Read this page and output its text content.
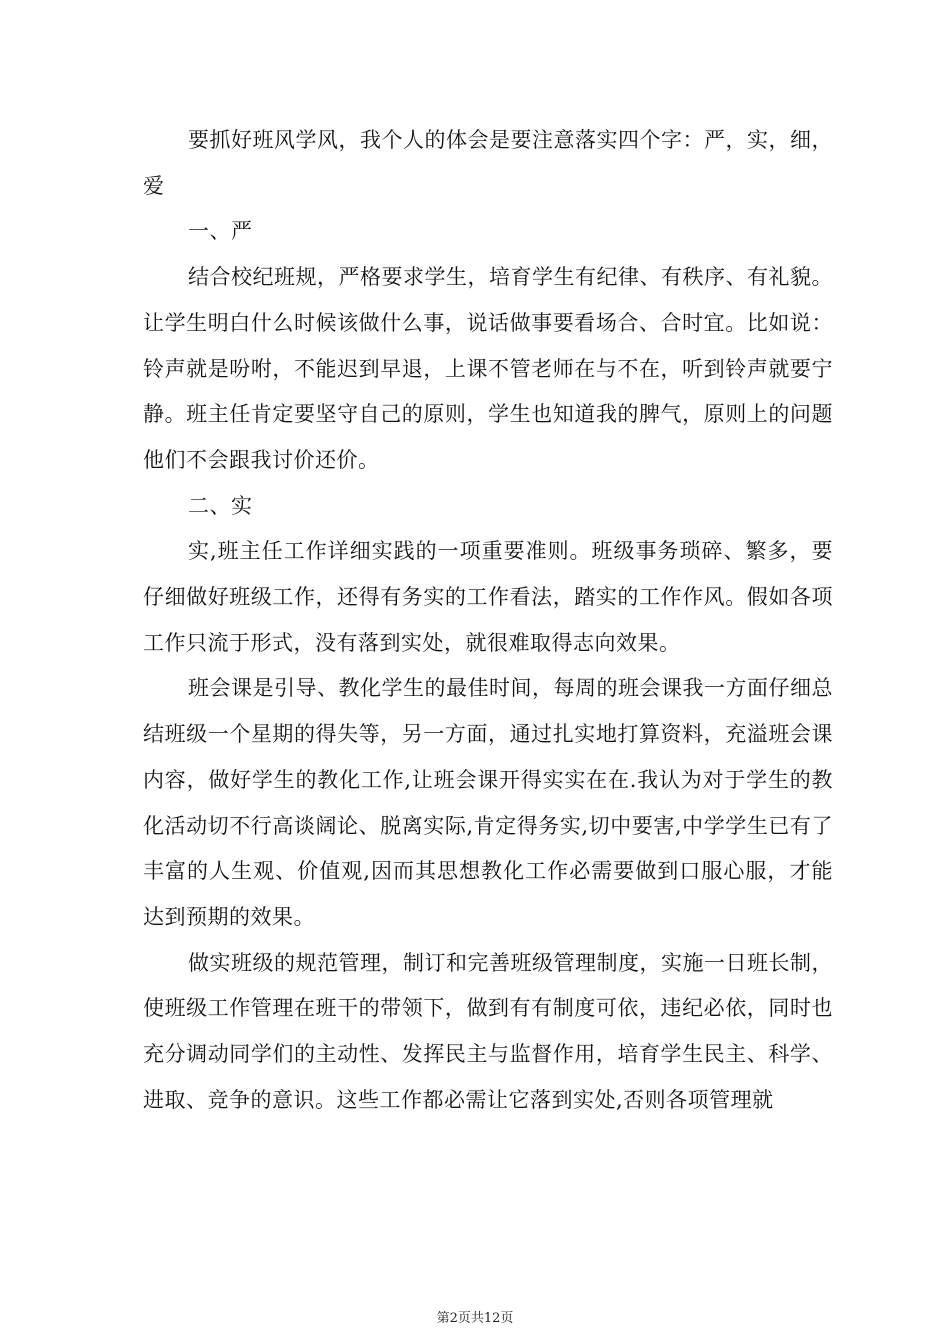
要抓好班风学风，我个人的体会是要注意落实四个字：严，实，细，爱

一、严

结合校纪班规，严格要求学生，培育学生有纪律、有秩序、有礼貌。让学生明白什么时候该做什么事，说话做事要看场合、合时宜。比如说：铃声就是吩咐，不能迟到早退，上课不管老师在与不在，听到铃声就要宁静。班主任肯定要坚守自己的原则，学生也知道我的脾气，原则上的问题他们不会跟我讨价还价。

二、实

实,班主任工作详细实践的一项重要准则。班级事务琐碎、繁多，要仔细做好班级工作，还得有务实的工作看法，踏实的工作作风。假如各项工作只流于形式，没有落到实处，就很难取得志向效果。

班会课是引导、教化学生的最佳时间，每周的班会课我一方面仔细总结班级一个星期的得失等，另一方面，通过扎实地打算资料，充溢班会课内容，做好学生的教化工作,让班会课开得实实在在.我认为对于学生的教化活动切不行高谈阔论、脱离实际,肯定得务实,切中要害,中学学生已有了丰富的人生观、价值观,因而其思想教化工作必需要做到口服心服，才能达到预期的效果。

做实班级的规范管理，制订和完善班级管理制度，实施一日班长制，使班级工作管理在班干的带领下，做到有有制度可依，违纪必依，同时也充分调动同学们的主动性、发挥民主与监督作用，培育学生民主、科学、进取、竞争的意识。这些工作都必需让它落到实处,否则各项管理就

第2页共12页
